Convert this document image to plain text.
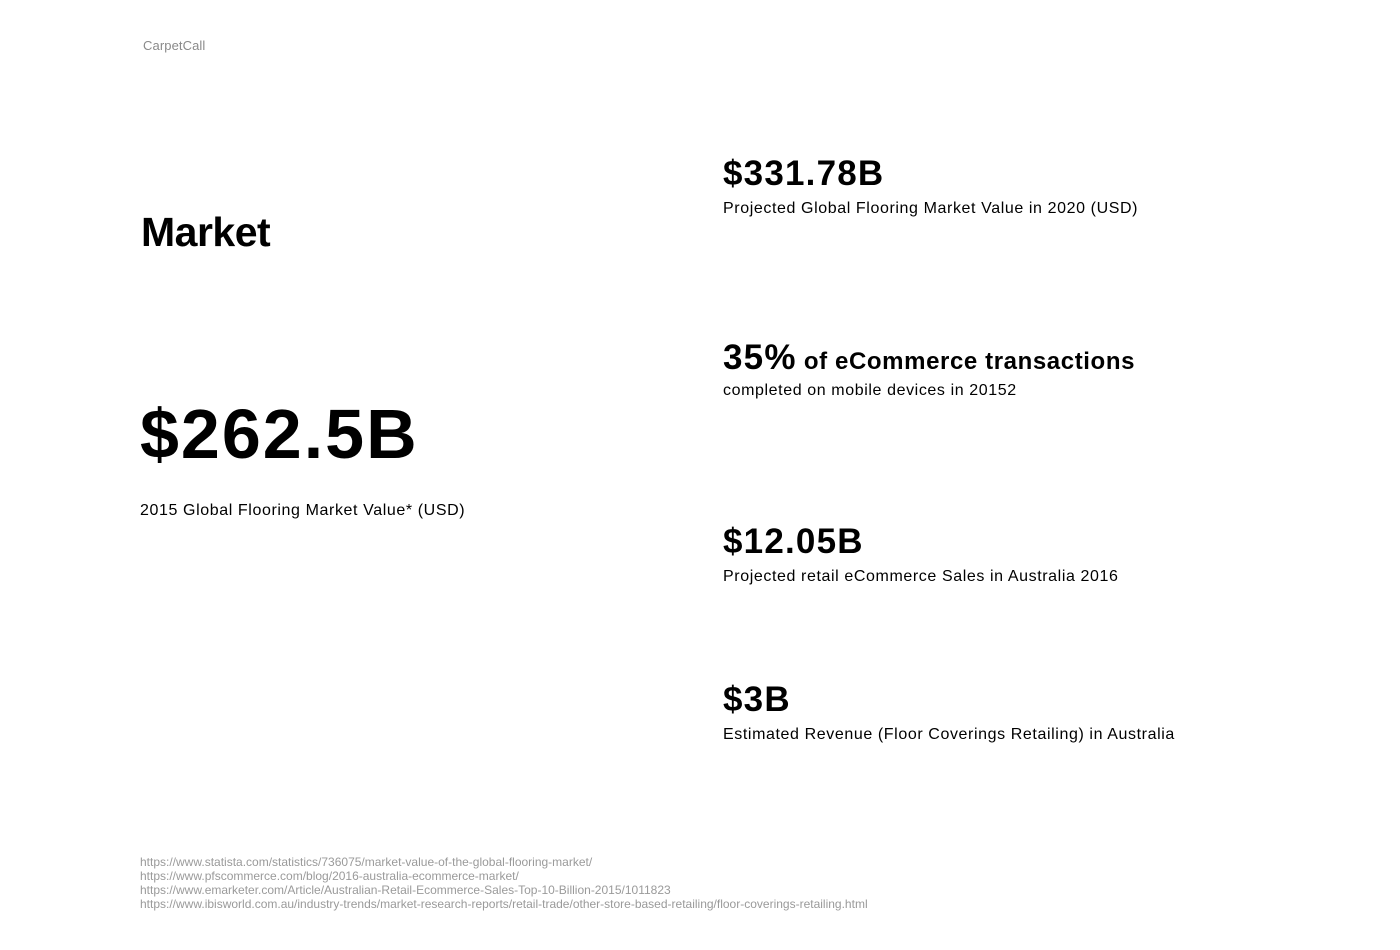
CarpetCall
Market
$262.5B
2015 Global Flooring Market Value* (USD)
$331.78B
Projected Global Flooring Market Value in 2020 (USD)
35% of eCommerce transactions
completed on mobile devices in 20152
$12.05B
Projected retail eCommerce Sales in Australia 2016
$3B
Estimated Revenue (Floor Coverings Retailing) in Australia
https://www.statista.com/statistics/736075/market-value-of-the-global-flooring-market/
https://www.pfscommerce.com/blog/2016-australia-ecommerce-market/
https://www.emarketer.com/Article/Australian-Retail-Ecommerce-Sales-Top-10-Billion-2015/1011823
https://www.ibisworld.com.au/industry-trends/market-research-reports/retail-trade/other-store-based-retailing/floor-coverings-retailing.html
